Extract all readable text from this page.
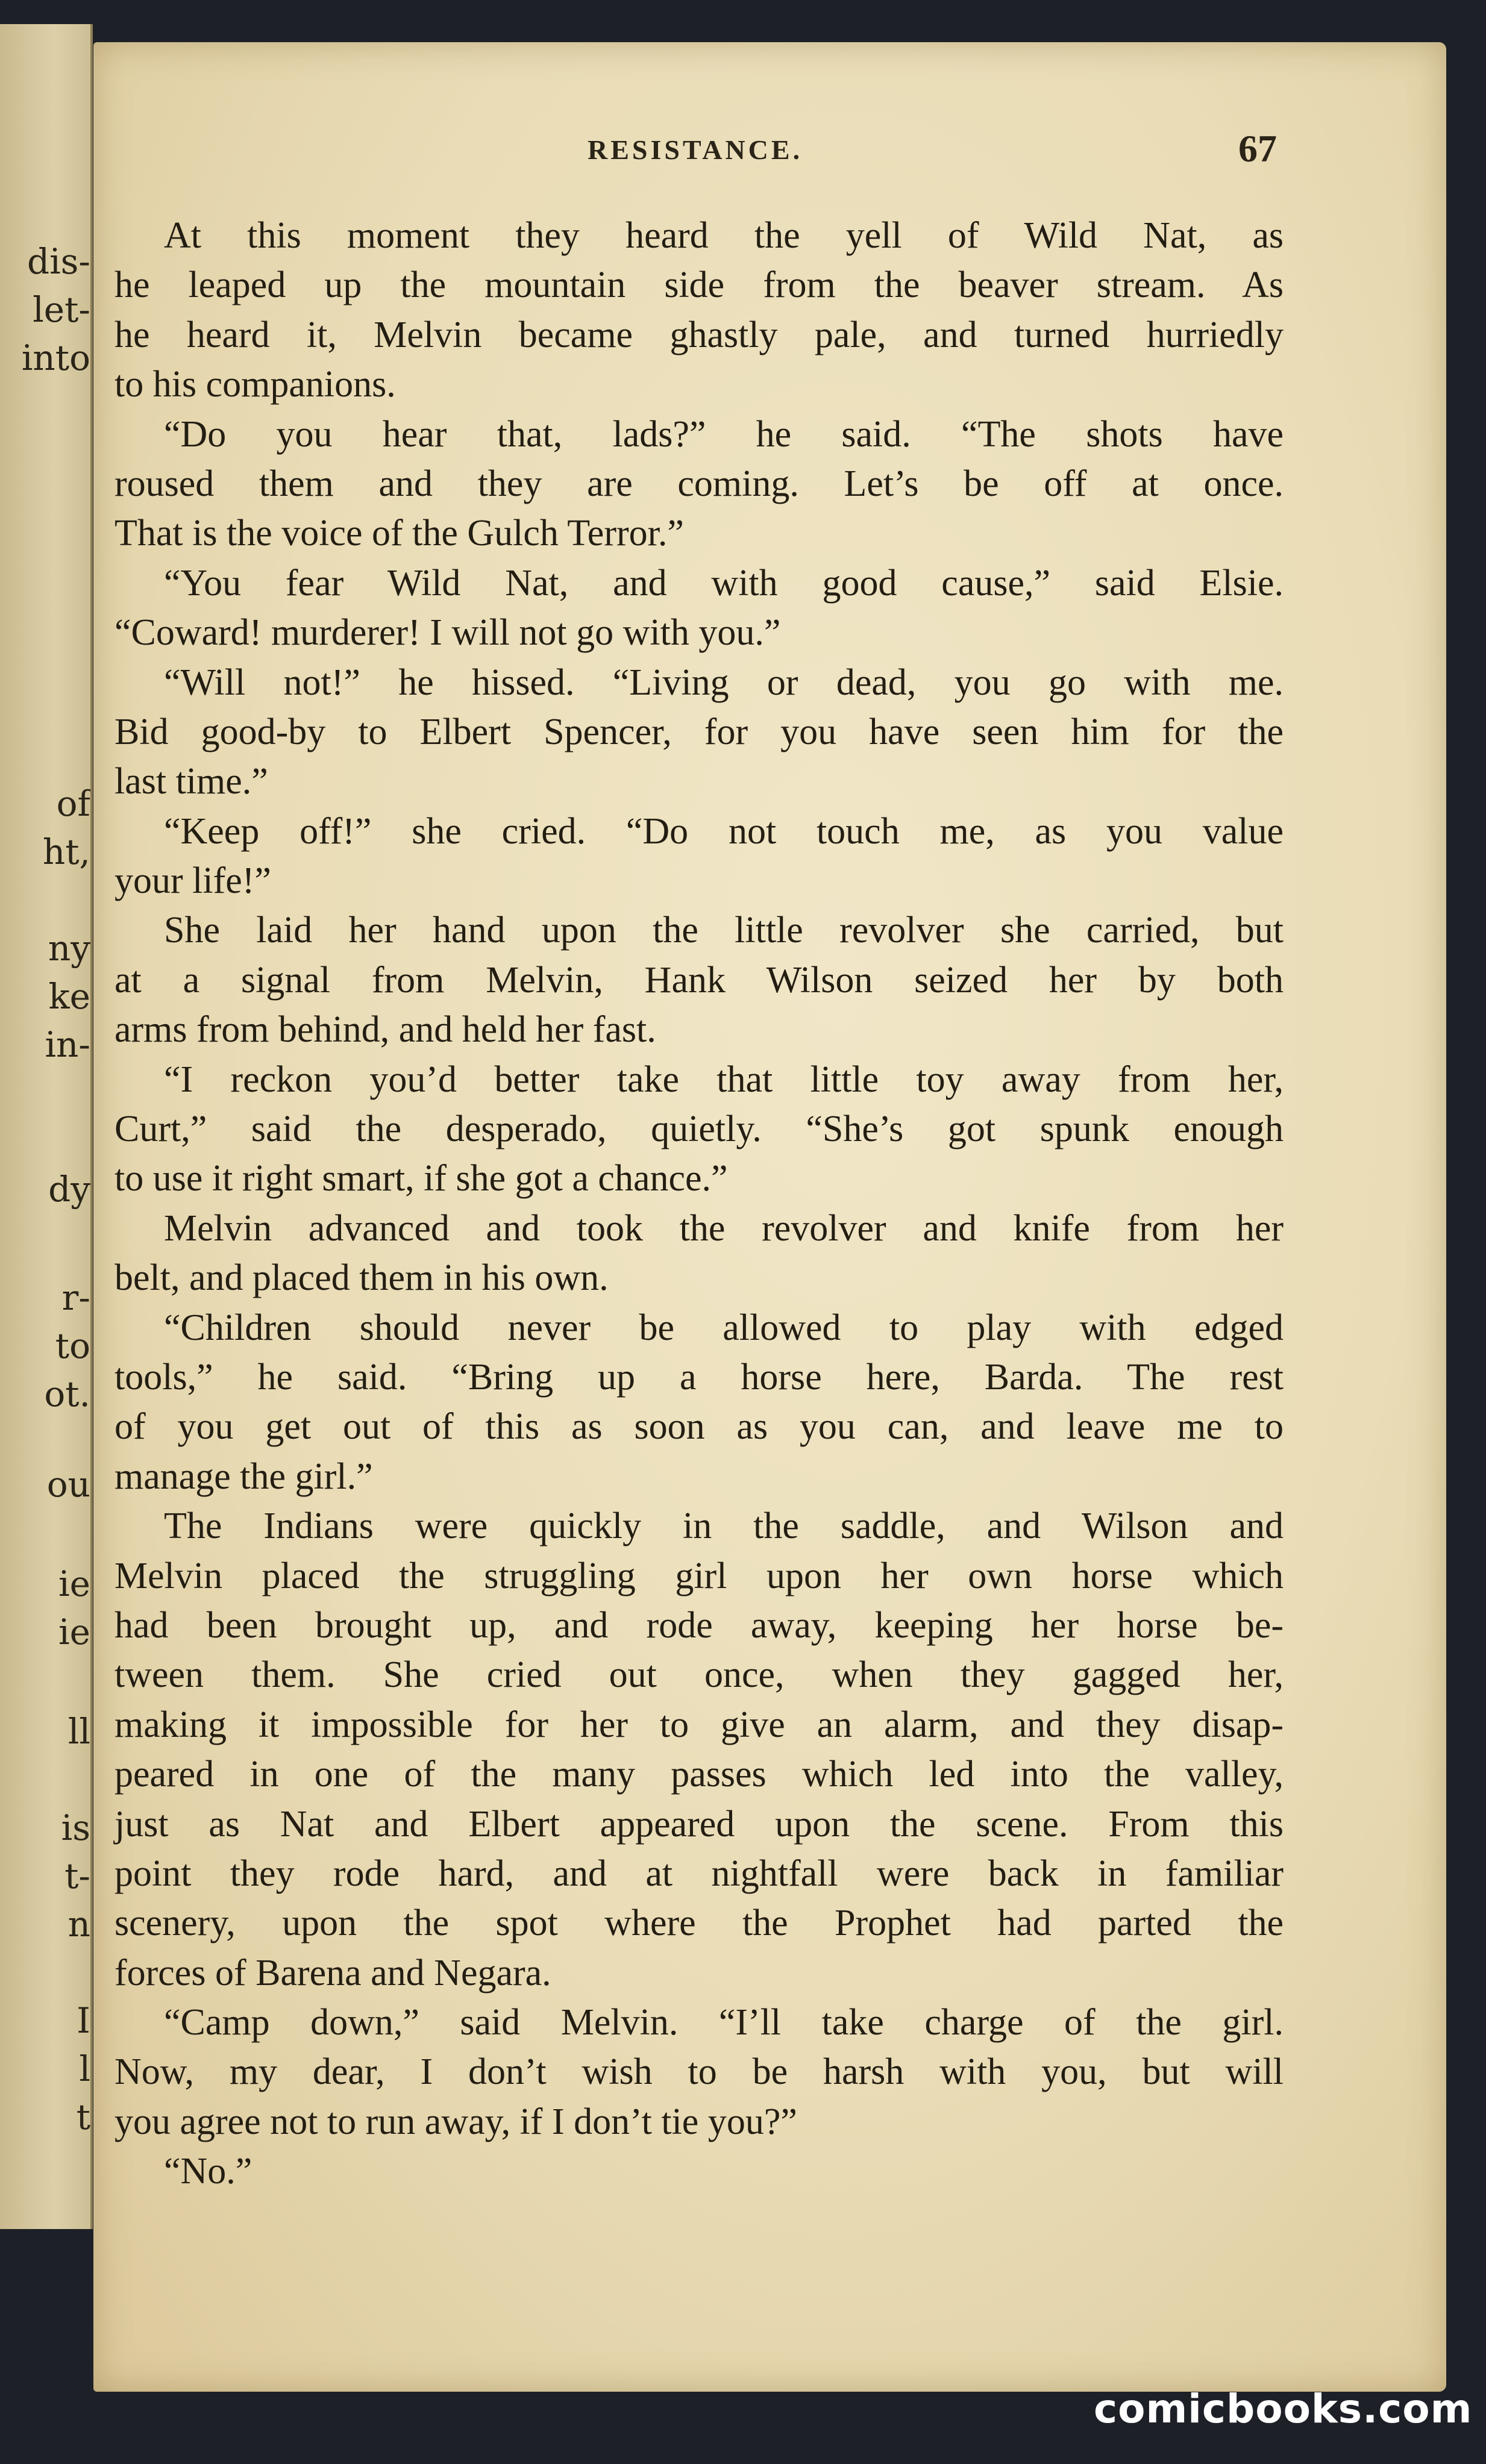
dis-
let-
into
of
ht,
ny
ke
in-
dy
r-
to
ot.
ou
ie
ie
ll
is
t-
n
I
l
t
RESISTANCE.	67
At this moment they heard the yell of Wild Nat, as
he leaped up the mountain side from the beaver stream. As
he heard it, Melvin became ghastly pale, and turned hurriedly
to his companions.
“Do you hear that, lads?” he said. “The shots have
roused them and they are coming. Let’s be off at once.
That is the voice of the Gulch Terror.”
“You fear Wild Nat, and with good cause,” said Elsie.
“Coward! murderer! I will not go with you.”
“Will not!” he hissed. “Living or dead, you go with me.
Bid good-by to Elbert Spencer, for you have seen him for the
last time.”
“Keep off!” she cried. “Do not touch me, as you value
your life!”
She laid her hand upon the little revolver she carried, but
at a signal from Melvin, Hank Wilson seized her by both
arms from behind, and held her fast.
“I reckon you’d better take that little toy away from her,
Curt,” said the desperado, quietly. “She’s got spunk enough
to use it right smart, if she got a chance.”
Melvin advanced and took the revolver and knife from her
belt, and placed them in his own.
“Children should never be allowed to play with edged
tools,” he said. “Bring up a horse here, Barda. The rest
of you get out of this as soon as you can, and leave me to
manage the girl.”
The Indians were quickly in the saddle, and Wilson and
Melvin placed the struggling girl upon her own horse which
had been brought up, and rode away, keeping her horse be-
tween them. She cried out once, when they gagged her,
making it impossible for her to give an alarm, and they disap-
peared in one of the many passes which led into the valley,
just as Nat and Elbert appeared upon the scene. From this
point they rode hard, and at nightfall were back in familiar
scenery, upon the spot where the Prophet had parted the
forces of Barena and Negara.
“Camp down,” said Melvin. “I’ll take charge of the girl.
Now, my dear, I don’t wish to be harsh with you, but will
you agree not to run away, if I don’t tie you?”
“No.”
comicbooks.com
